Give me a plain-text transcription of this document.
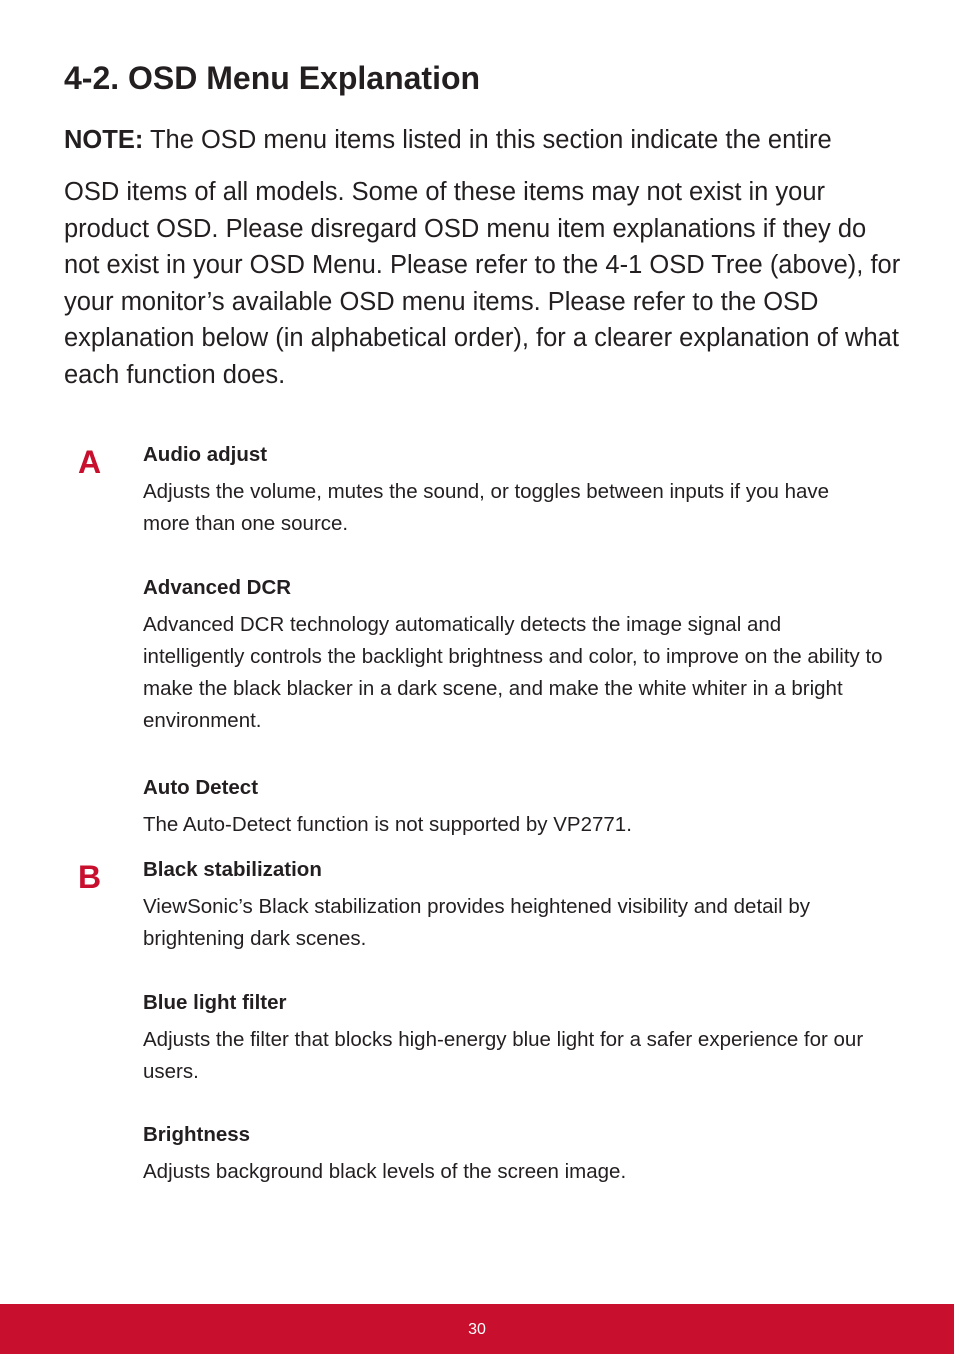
4-2. OSD Menu Explanation

NOTE: The OSD menu items listed in this section indicate the entire

OSD items of all models. Some of these items may not exist in your product OSD. Please disregard OSD menu item explanations if they do not exist in your OSD Menu. Please refer to the 4-1 OSD Tree (above), for your monitor’s available OSD menu items. Please refer to the OSD explanation below (in alphabetical order), for a clearer explanation of what each function does.

A Audio adjust

Adjusts the volume, mutes the sound, or toggles between inputs if you have more than one source.

Advanced DCR

Advanced DCR technology automatically detects the image signal and intelligently controls the backlight brightness and color, to improve on the ability to make the black blacker in a dark scene, and make the white whiter in a bright environment.

Auto Detect

The Auto-Detect function is not supported by VP2771.

B Black stabilization

ViewSonic’s Black stabilization provides heightened visibility and detail by brightening dark scenes.

Blue light filter

Adjusts the filter that blocks high-energy blue light for a safer experience for our users.

Brightness

Adjusts background black levels of the screen image.

30
